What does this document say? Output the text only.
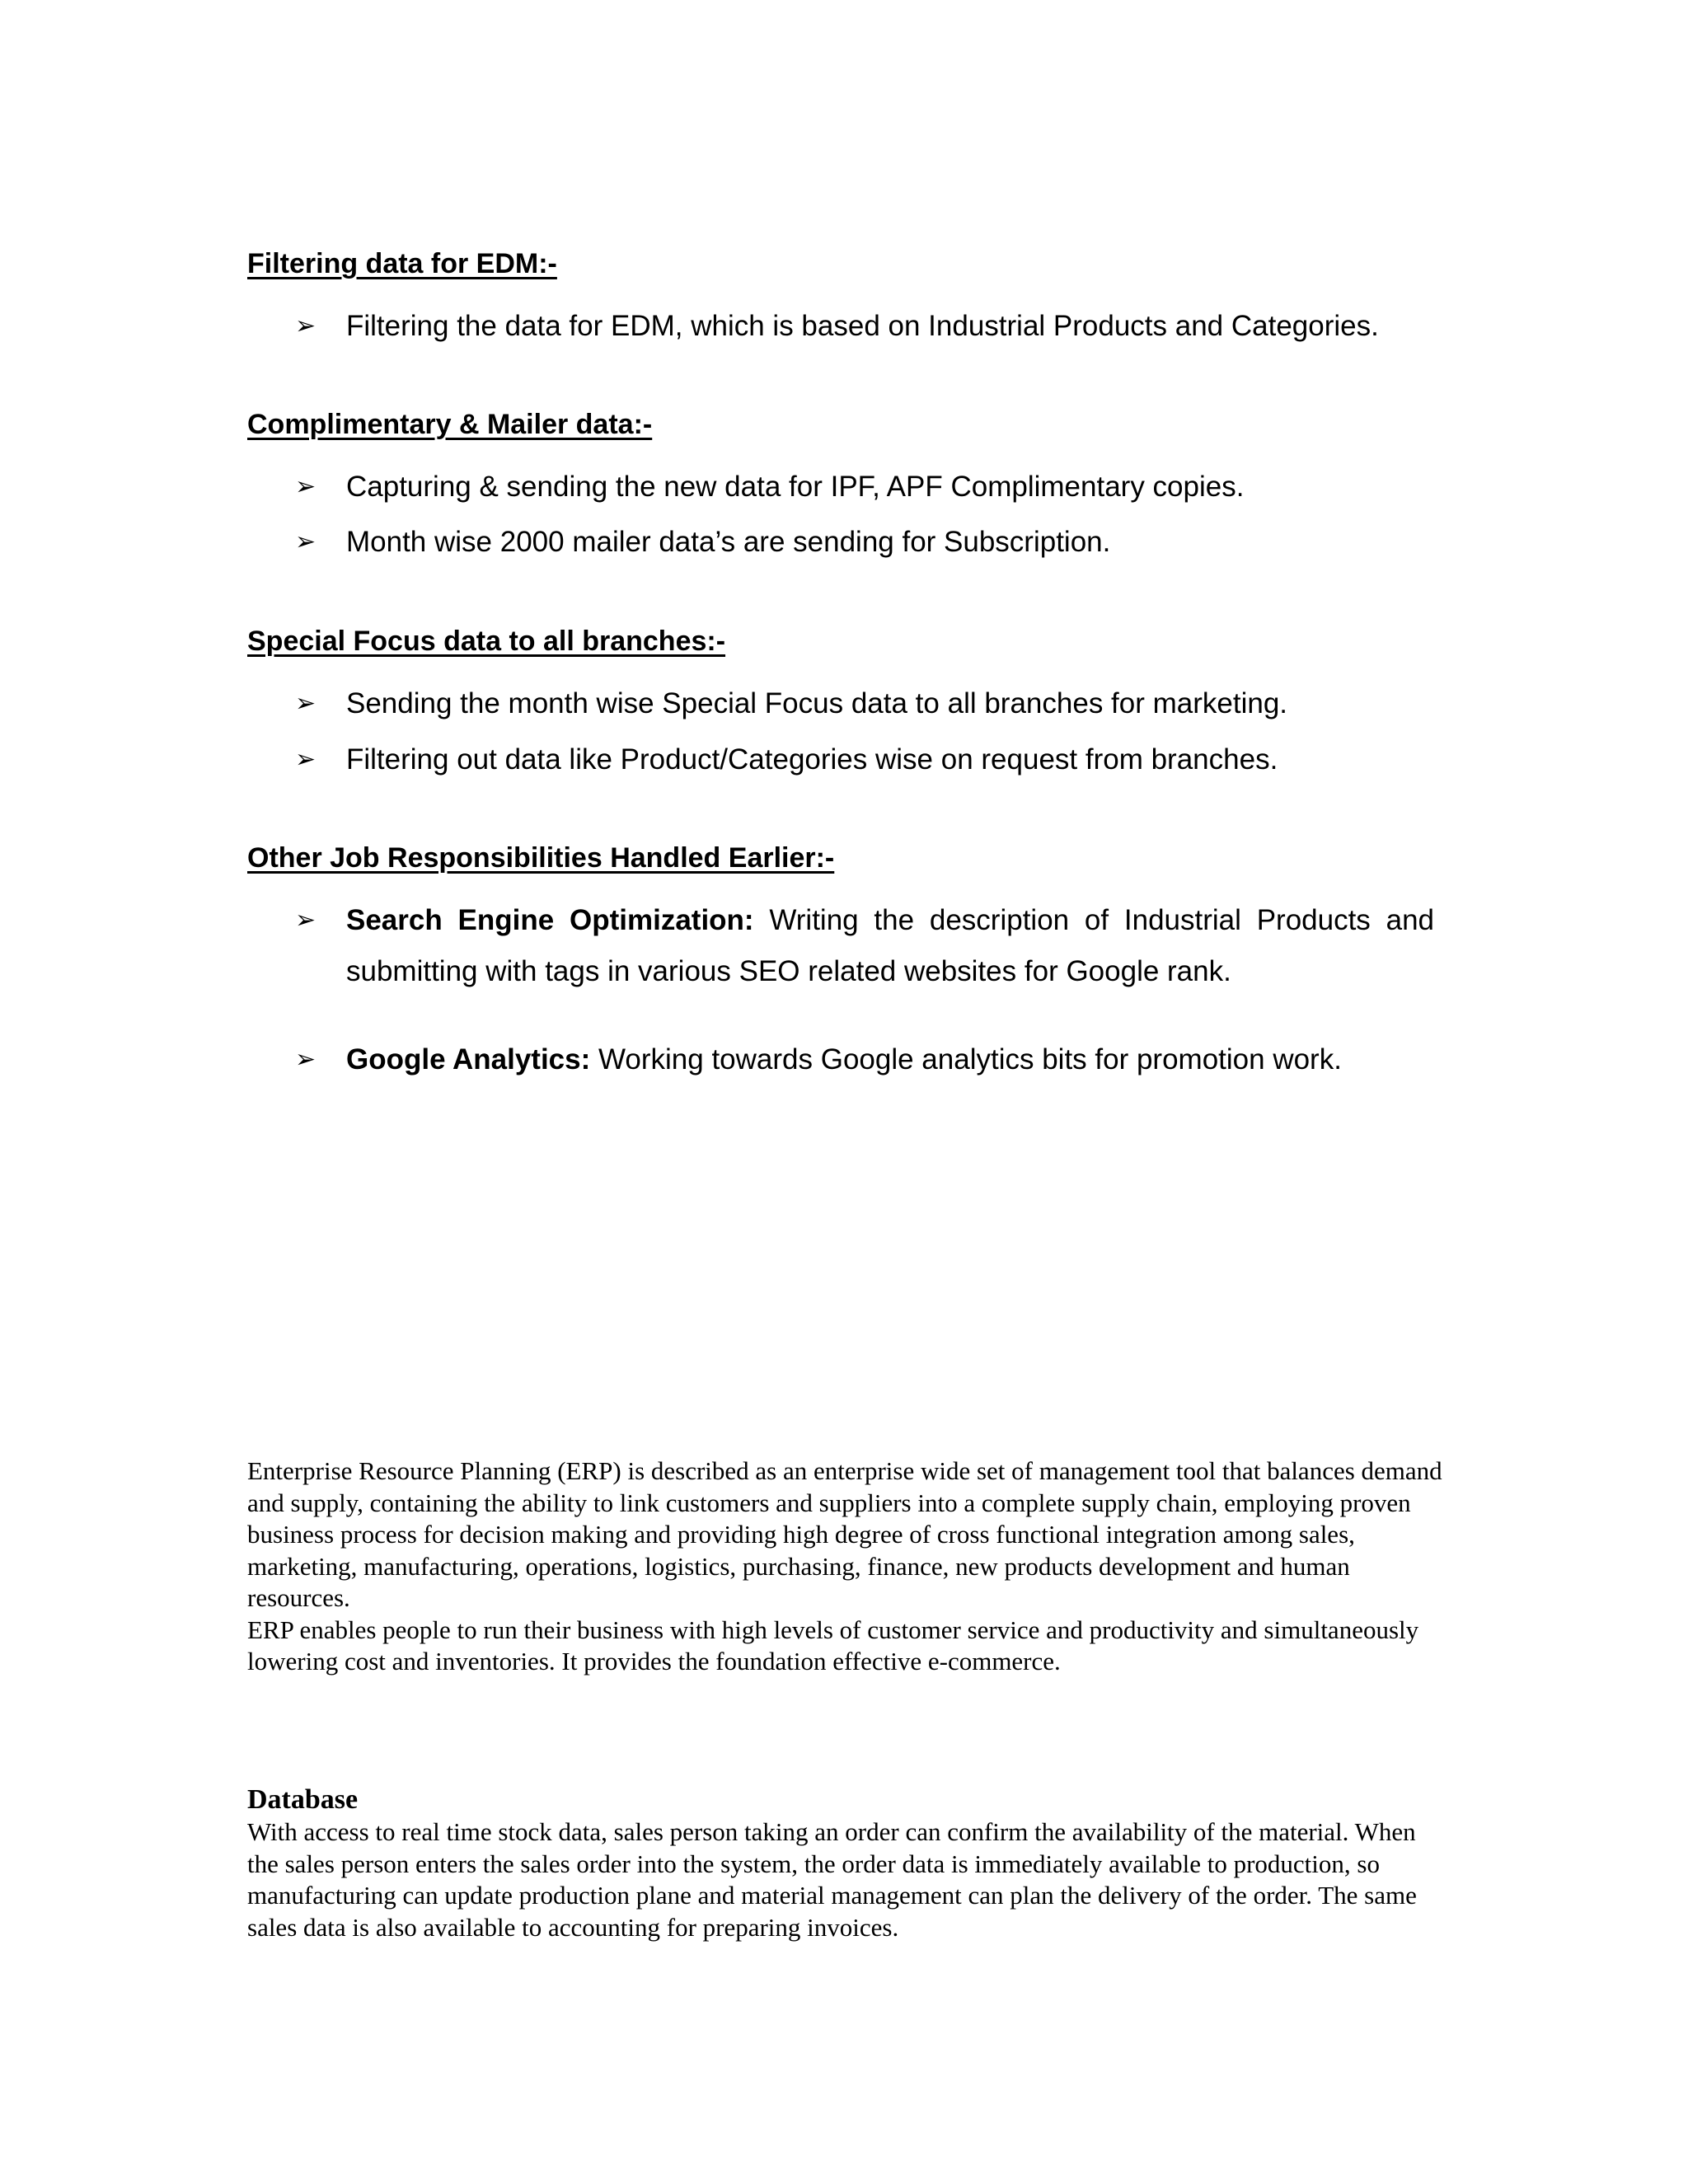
Filtering data for EDM:-
➢ Filtering the data for EDM, which is based on Industrial Products and Categories.
Complimentary & Mailer data:-
➢ Capturing & sending the new data for IPF, APF Complimentary copies.
➢ Month wise 2000 mailer data’s are sending for Subscription.
Special Focus data to all branches:-
➢ Sending the month wise Special Focus data to all branches for marketing.
➢ Filtering out data like Product/Categories wise on request from branches.
Other Job Responsibilities Handled Earlier:-
➢ Search Engine Optimization: Writing the description of Industrial Products and submitting with tags in various SEO related websites for Google rank.
➢ Google Analytics: Working towards Google analytics bits for promotion work.

Enterprise Resource Planning (ERP) is described as an enterprise wide set of management tool that balances demand and supply, containing the ability to link customers and suppliers into a complete supply chain, employing proven business process for decision making and providing high degree of cross functional integration among sales, marketing, manufacturing, operations, logistics, purchasing, finance, new products development and human resources.

ERP enables people to run their business with high levels of customer service and productivity and simultaneously lowering cost and inventories. It provides the foundation effective e-commerce.

Database

With access to real time stock data, sales person taking an order can confirm the availability of the material. When the sales person enters the sales order into the system, the order data is immediately available to production, so manufacturing can update production plane and material management can plan the delivery of the order. The same sales data is also available to accounting for preparing invoices.
